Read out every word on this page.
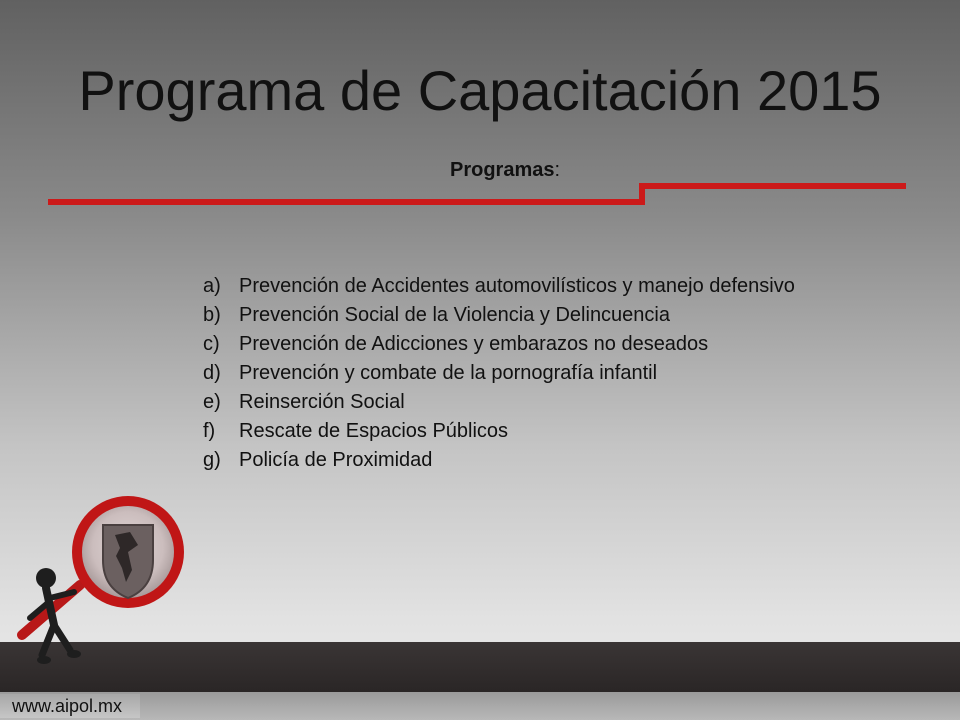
Programa de Capacitación 2015
Programas:
a) Prevención de Accidentes automovilísticos y manejo defensivo
b) Prevención Social de la Violencia y Delincuencia
c) Prevención de Adicciones y embarazos no deseados
d) Prevención y combate de la pornografía infantil
e) Reinserción Social
f)	Rescate de Espacios Públicos
g) Policía de Proximidad
www.aipol.mx
